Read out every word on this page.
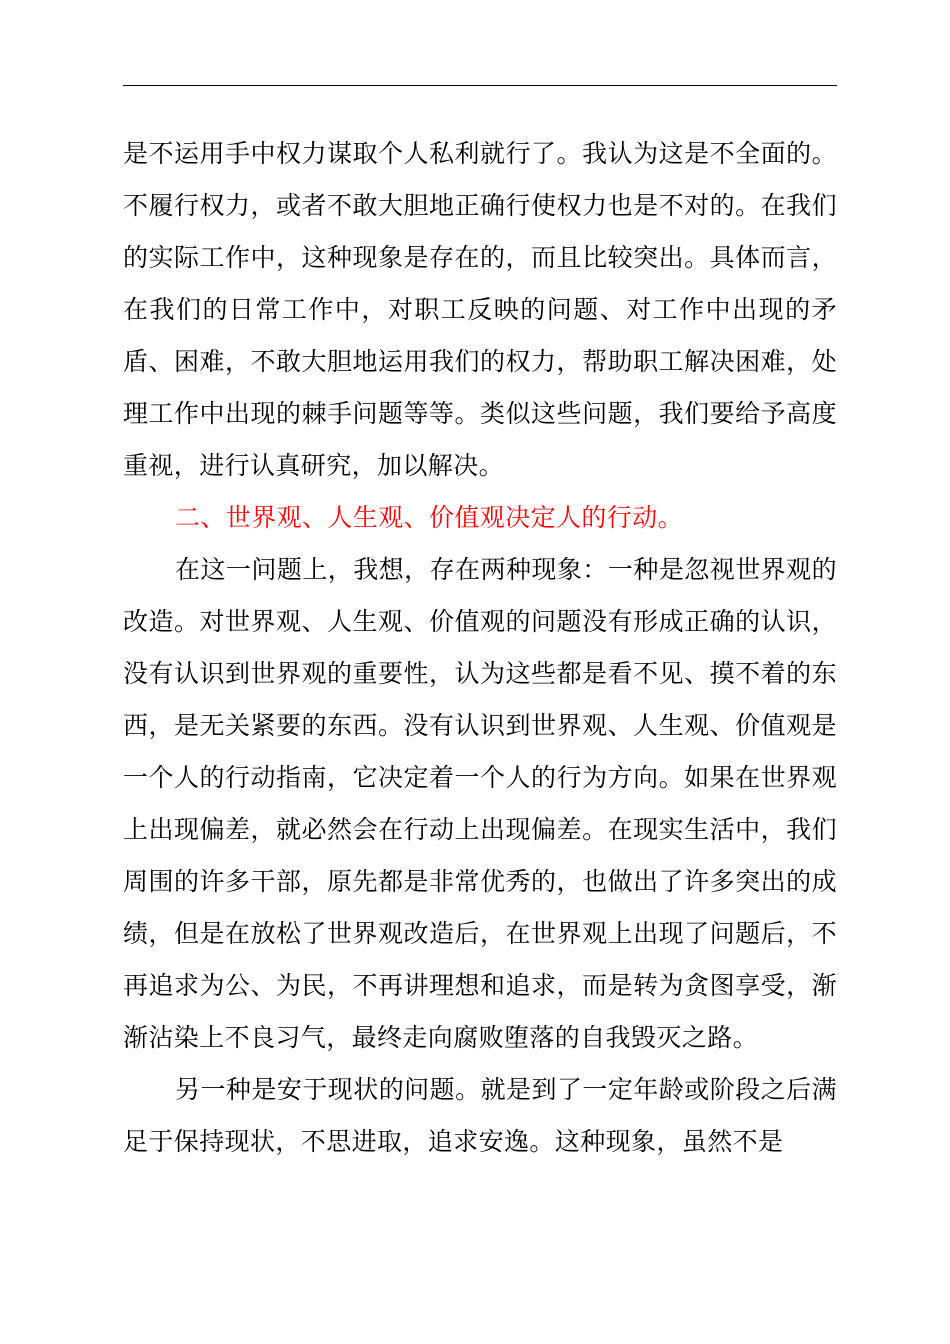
是不运用手中权力谋取个人私利就行了。我认为这是不全面的。不履行权力，或者不敢大胆地正确行使权力也是不对的。在我们的实际工作中，这种现象是存在的，而且比较突出。具体而言，在我们的日常工作中，对职工反映的问题、对工作中出现的矛盾、困难，不敢大胆地运用我们的权力，帮助职工解决困难，处理工作中出现的棘手问题等等。类似这些问题，我们要给予高度重视，进行认真研究，加以解决。

二、世界观、人生观、价值观决定人的行动。

在这一问题上，我想，存在两种现象：一种是忽视世界观的改造。对世界观、人生观、价值观的问题没有形成正确的认识，没有认识到世界观的重要性，认为这些都是看不见、摸不着的东西，是无关紧要的东西。没有认识到世界观、人生观、价值观是一个人的行动指南，它决定着一个人的行为方向。如果在世界观上出现偏差，就必然会在行动上出现偏差。在现实生活中，我们周围的许多干部，原先都是非常优秀的，也做出了许多突出的成绩，但是在放松了世界观改造后，在世界观上出现了问题后，不再追求为公、为民，不再讲理想和追求，而是转为贪图享受，渐渐沾染上不良习气，最终走向腐败堕落的自我毁灭之路。

另一种是安于现状的问题。就是到了一定年龄或阶段之后满足于保持现状，不思进取，追求安逸。这种现象，虽然不是
